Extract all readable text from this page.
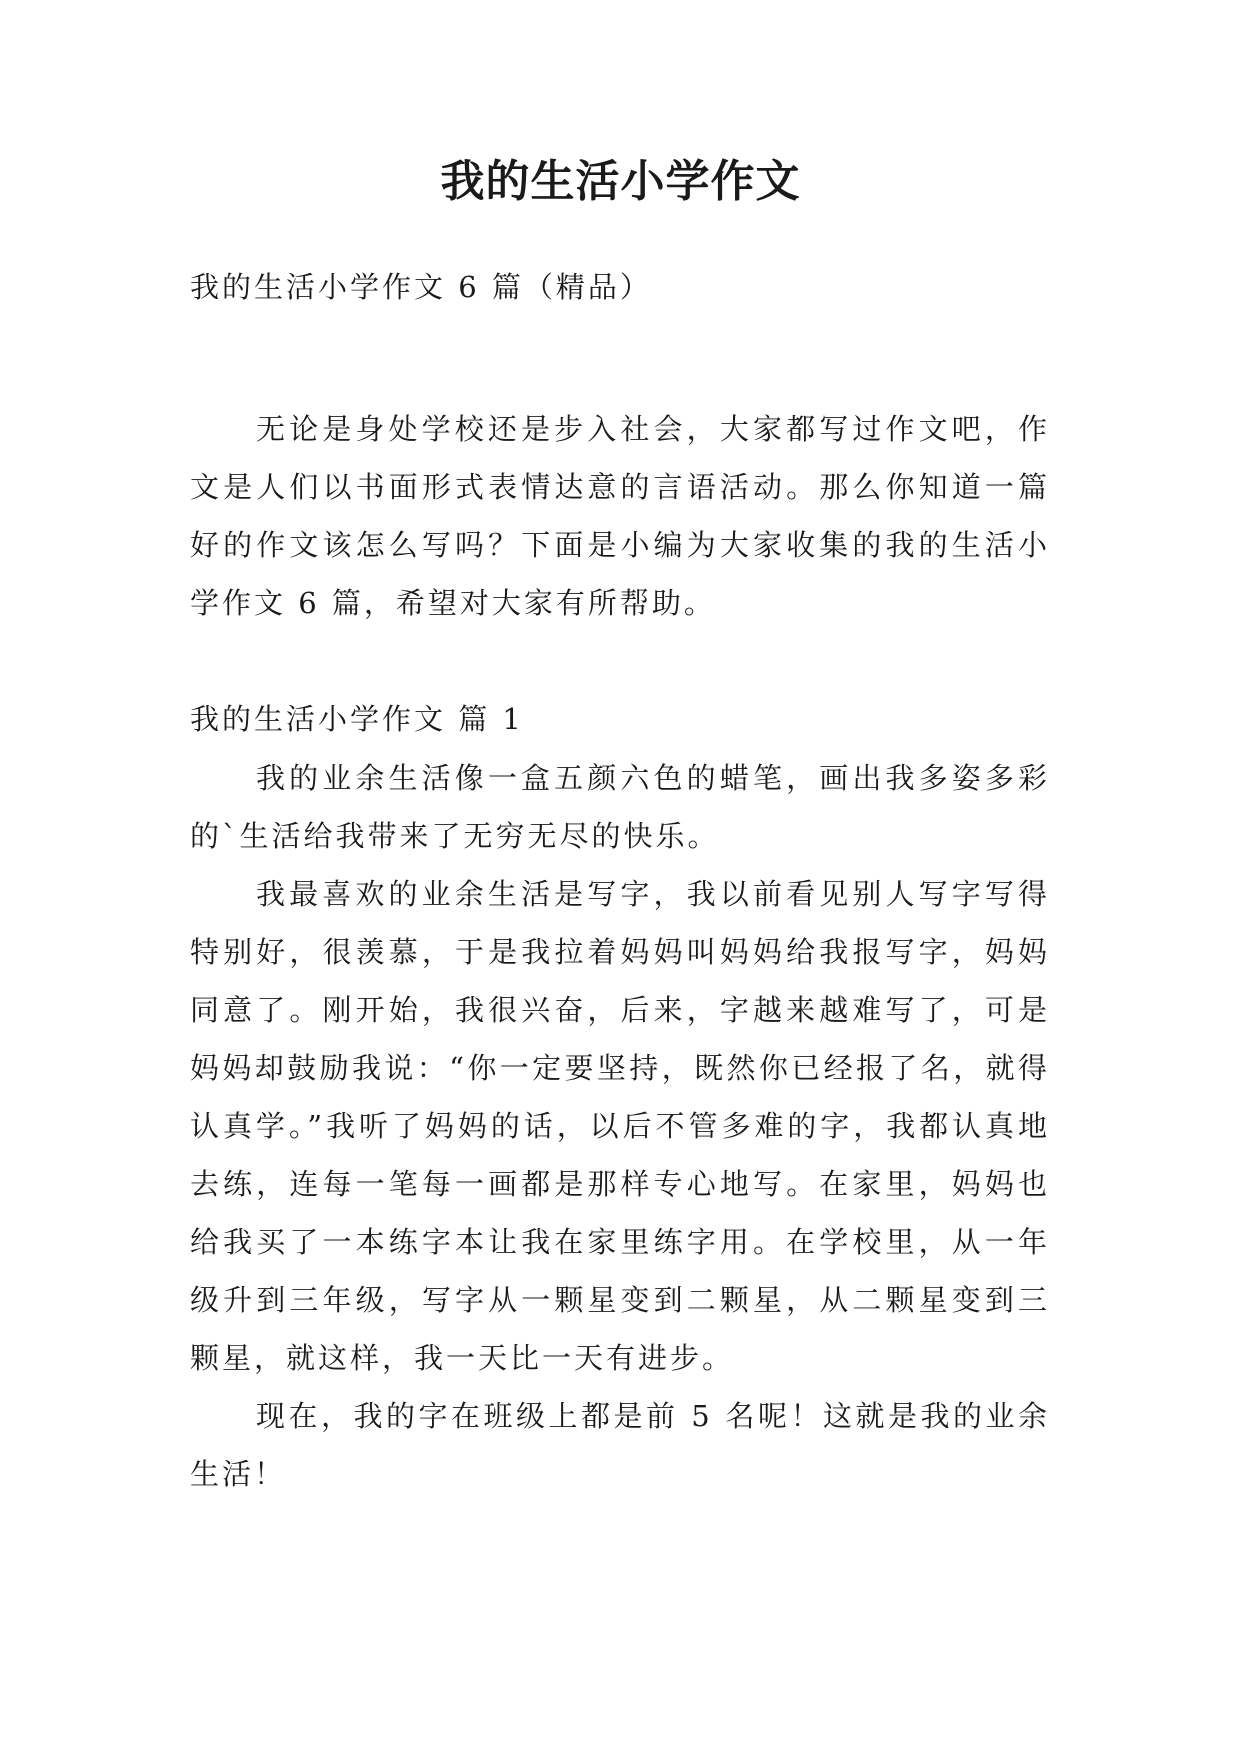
我的生活小学作文

我的生活小学作文 6 篇（精品）

无论是身处学校还是步入社会，大家都写过作文吧，作文是人们以书面形式表情达意的言语活动。那么你知道一篇好的作文该怎么写吗？下面是小编为大家收集的我的生活小学作文 6 篇，希望对大家有所帮助。

我的生活小学作文 篇 1

我的业余生活像一盒五颜六色的蜡笔，画出我多姿多彩的`生活给我带来了无穷无尽的快乐。

我最喜欢的业余生活是写字，我以前看见别人写字写得特别好，很羡慕，于是我拉着妈妈叫妈妈给我报写字，妈妈同意了。刚开始，我很兴奋，后来，字越来越难写了，可是妈妈却鼓励我说：“你一定要坚持，既然你已经报了名，就得认真学。”我听了妈妈的话，以后不管多难的字，我都认真地去练，连每一笔每一画都是那样专心地写。在家里，妈妈也给我买了一本练字本让我在家里练字用。在学校里，从一年级升到三年级，写字从一颗星变到二颗星，从二颗星变到三颗星，就这样，我一天比一天有进步。

现在，我的字在班级上都是前 5 名呢！这就是我的业余生活！
